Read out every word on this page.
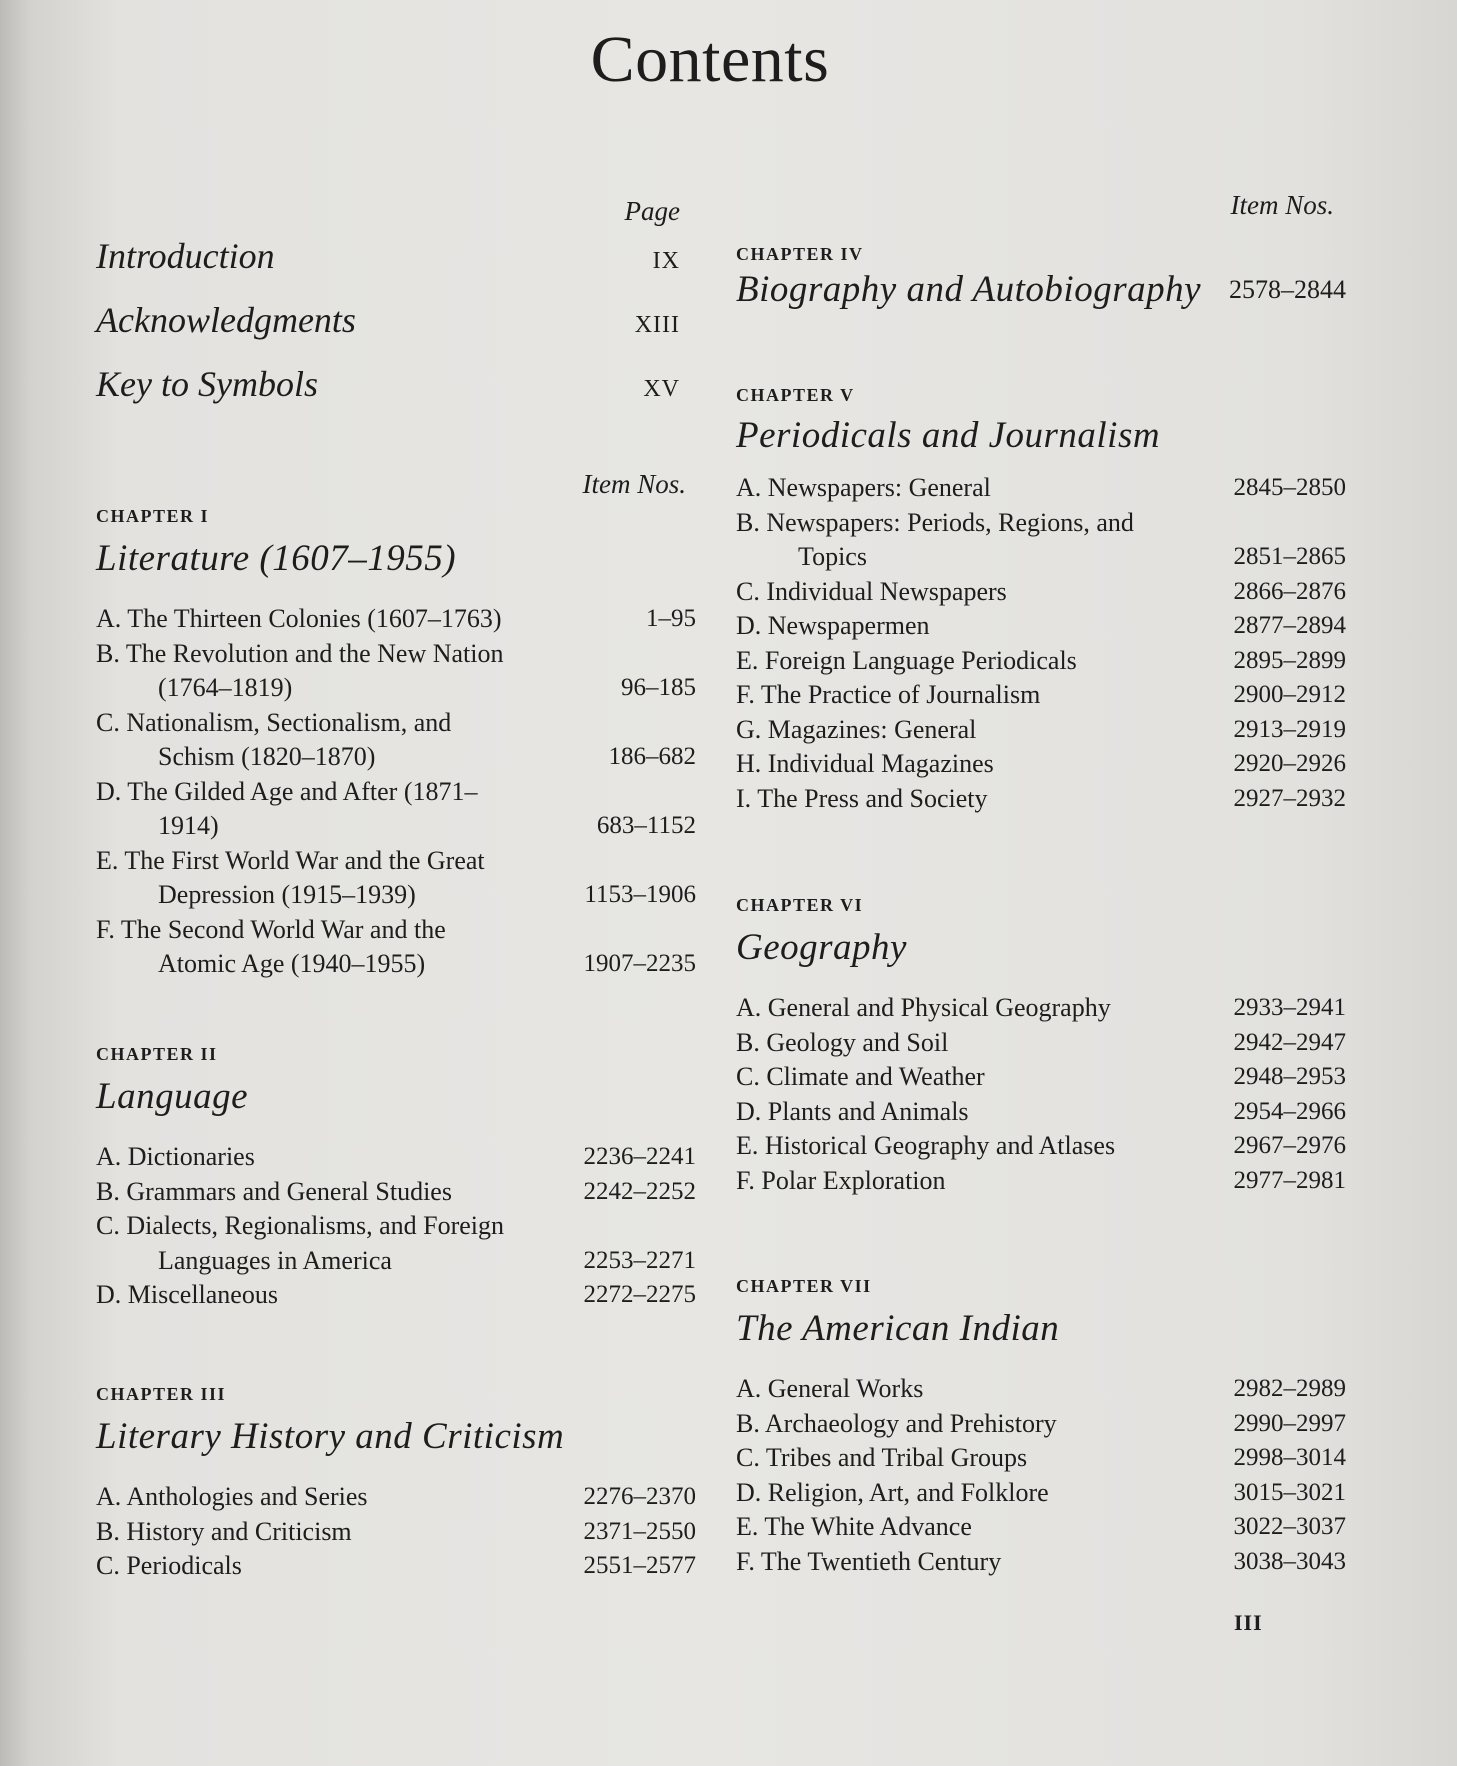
Contents
Page
Introduction	IX
Acknowledgments	XIII
Key to Symbols	XV
Item Nos.
CHAPTER I
Literature (1607–1955)
A. The Thirteen Colonies (1607–1763)	1–95
B. The Revolution and the New Nation
(1764–1819)	96–185
C. Nationalism, Sectionalism, and
Schism (1820–1870)	186–682
D. The Gilded Age and After (1871–
1914)	683–1152
E. The First World War and the Great
Depression (1915–1939)	1153–1906
F. The Second World War and the
Atomic Age (1940–1955)	1907–2235
CHAPTER II
Language
A. Dictionaries	2236–2241
B. Grammars and General Studies	2242–2252
C. Dialects, Regionalisms, and Foreign
Languages in America	2253–2271
D. Miscellaneous	2272–2275
CHAPTER III
Literary History and Criticism
A. Anthologies and Series	2276–2370
B. History and Criticism	2371–2550
C. Periodicals	2551–2577
Item Nos.
CHAPTER IV
Biography and Autobiography 2578–2844
CHAPTER V
Periodicals and Journalism
A. Newspapers: General	2845–2850
B. Newspapers: Periods, Regions, and
Topics	2851–2865
C. Individual Newspapers	2866–2876
D. Newspapermen	2877–2894
E. Foreign Language Periodicals	2895–2899
F. The Practice of Journalism	2900–2912
G. Magazines: General	2913–2919
H. Individual Magazines	2920–2926
I. The Press and Society	2927–2932
CHAPTER VI
Geography
A. General and Physical Geography	2933–2941
B. Geology and Soil	2942–2947
C. Climate and Weather	2948–2953
D. Plants and Animals	2954–2966
E. Historical Geography and Atlases	2967–2976
F. Polar Exploration	2977–2981
CHAPTER VII
The American Indian
A. General Works	2982–2989
B. Archaeology and Prehistory	2990–2997
C. Tribes and Tribal Groups	2998–3014
D. Religion, Art, and Folklore	3015–3021
E. The White Advance	3022–3037
F. The Twentieth Century	3038–3043
III
